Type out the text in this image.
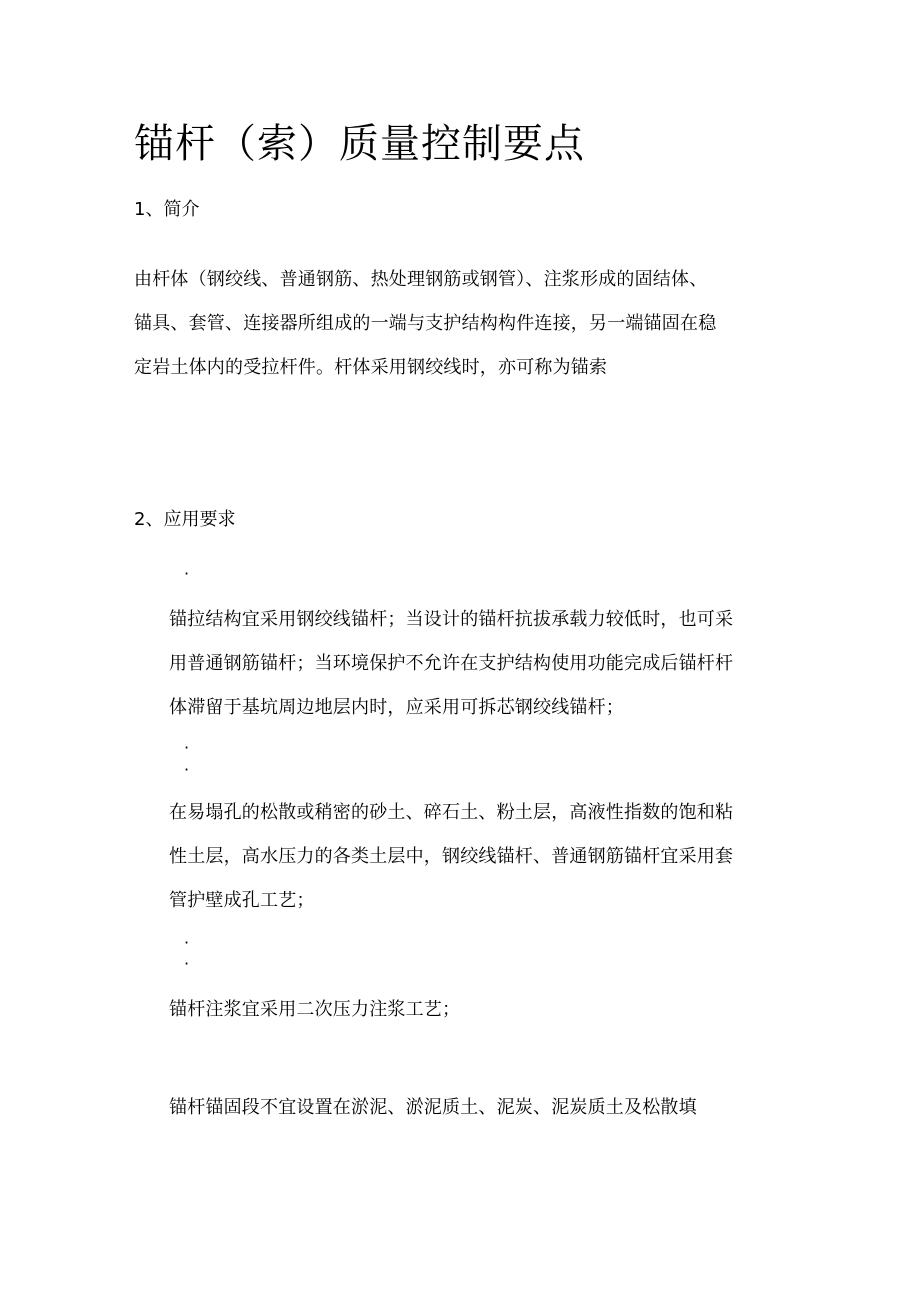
锚杆（索）质量控制要点

1、简介

由杆体（钢绞线、普通钢筋、热处理钢筋或钢管）、注浆形成的固结体、
锚具、套管、连接器所组成的一端与支护结构构件连接，另一端锚固在稳
定岩土体内的受拉杆件。杆体采用钢绞线时，亦可称为锚索

2、应用要求

·
锚拉结构宜采用钢绞线锚杆；当设计的锚杆抗拔承载力较低时，也可采
用普通钢筋锚杆；当环境保护不允许在支护结构使用功能完成后锚杆杆
体滞留于基坑周边地层内时，应采用可拆芯钢绞线锚杆；
·
·
在易塌孔的松散或稍密的砂土、碎石土、粉土层，高液性指数的饱和粘
性土层，高水压力的各类土层中，钢绞线锚杆、普通钢筋锚杆宜采用套
管护壁成孔工艺；
·
·
锚杆注浆宜采用二次压力注浆工艺；
锚杆锚固段不宜设置在淤泥、淤泥质土、泥炭、泥炭质土及松散填
